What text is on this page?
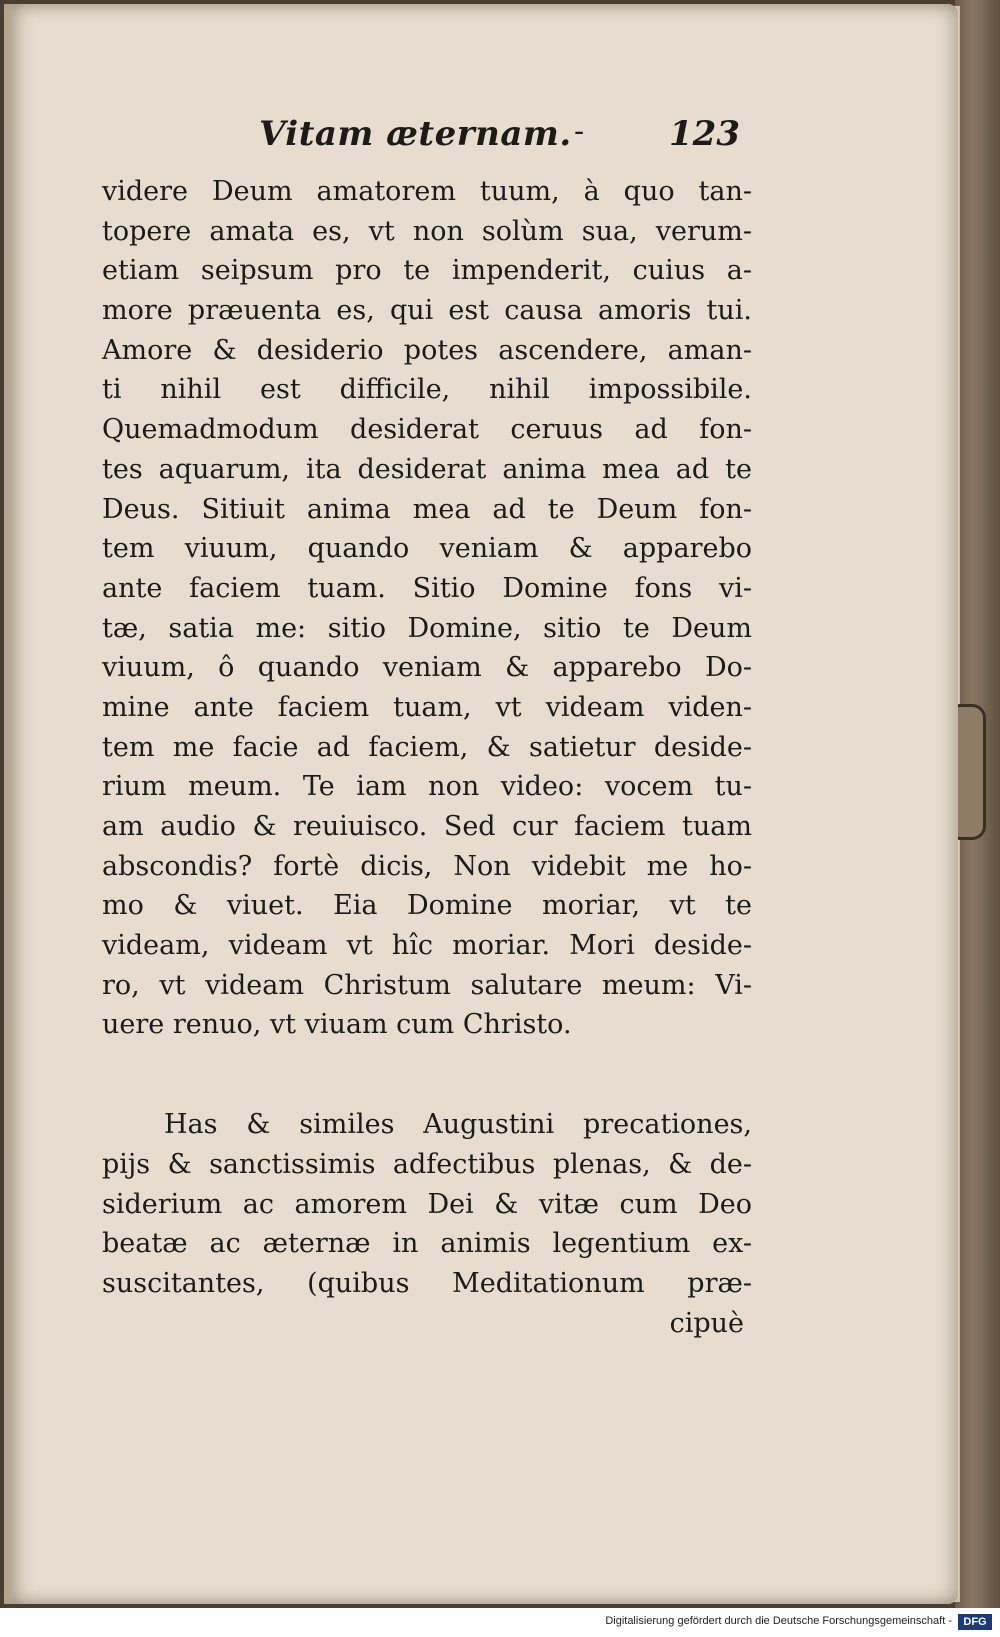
Vitam æternam. - 123
videre Deum amatorem tuum, à quo tan-
topere amata es, vt non solùm sua, verum-
etiam seipsum pro te impenderit, cuius a-
more præuenta es, qui est causa amoris tui.
Amore & desiderio potes ascendere, aman-
ti nihil est difficile, nihil impossibile.
Quemadmodum desiderat ceruus ad fon-
tes aquarum, ita desiderat anima mea ad te
Deus. Sitiuit anima mea ad te Deum fon-
tem viuum, quando veniam & apparebo
ante faciem tuam. Sitio Domine fons vi-
tæ, satia me: sitio Domine, sitio te Deum
viuum, ô quando veniam & apparebo Do-
mine ante faciem tuam, vt videam viden-
tem me facie ad faciem, & satietur deside-
rium meum. Te iam non video: vocem tu-
am audio & reuiuisco. Sed cur faciem tuam
abscondis? fortè dicis, Non videbit me ho-
mo & viuet. Eia Domine moriar, vt te
videam, videam vt hîc moriar. Mori deside-
ro, vt videam Christum salutare meum: Vi-
uere renuo, vt viuam cum Christo.
Has & similes Augustini precationes,
pijs & sanctissimis adfectibus plenas, & de-
siderium ac amorem Dei & vitæ cum Deo
beatæ ac æternæ in animis legentium ex-
suscitantes, (quibus Meditationum præ-
cipuè
Digitalisierung gefördert durch die Deutsche Forschungsgemeinschaft -	DFG
